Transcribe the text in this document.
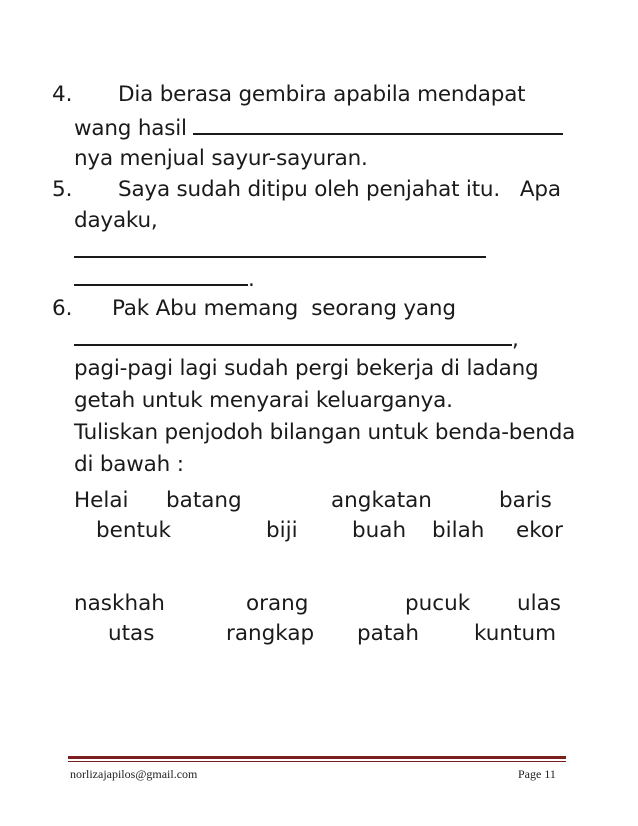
4. Dia berasa gembira apabila mendapat
wang hasil
nya menjual sayur-sayuran.
5. Saya sudah ditipu oleh penjahat itu.   Apa
dayaku,
.
6. Pak Abu memang  seorang yang
,
pagi-pagi lagi sudah pergi bekerja di ladang
getah untuk menyarai keluarganya.
Tuliskan penjodoh bilangan untuk benda-benda
di bawah :
Helai batang	angkatan	baris
bentuk	biji	buah bilah ekor
naskhah	orang	pucuk ulas
utas	rangkap patah	kuntum
norlizajapilos@gmail.com	Page 11
